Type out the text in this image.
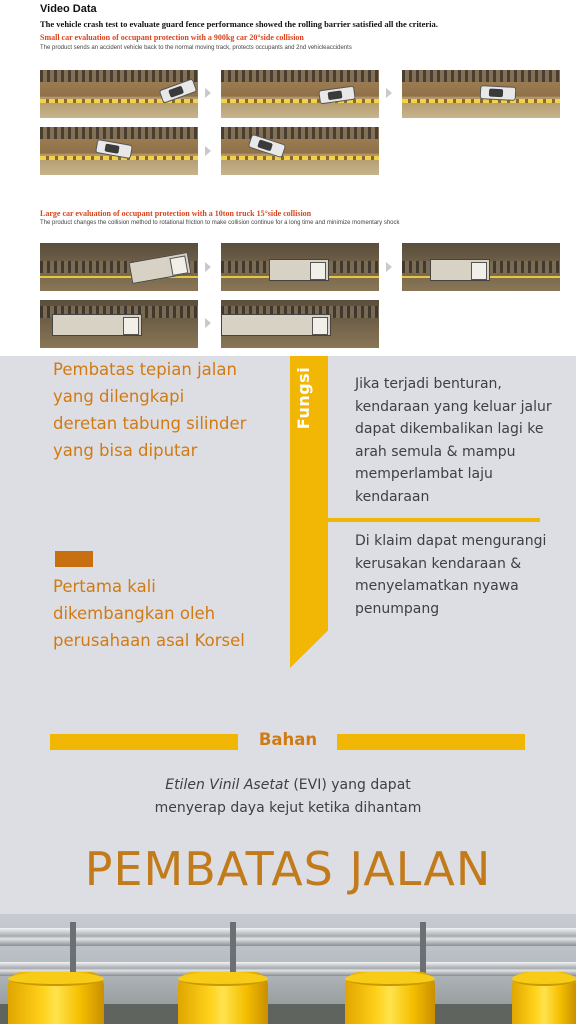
Video Data
The vehicle crash test to evaluate guard fence performance showed the rolling barrier satisfied all the criteria.
Small car evaluation of occupant protection with a 900kg car 20°side collision
The product sends an accident vehicle back to the normal moving track, protects occupants and 2nd vehicleaccidents
Large car evaluation of occupant protection with a 10ton truck 15°side collision
The product changes the collision method to rotational friction to make collision continue for a long time and minimize momentary shock
Pembatas tepian jalan yang dilengkapi deretan tabung silinder yang bisa diputar
Pertama kali dikembangkan oleh perusahaan asal Korsel
Fungsi	Jika terjadi benturan, kendaraan yang keluar jalur dapat dikembalikan lagi ke arah semula & mampu memperlambat laju kendaraan
Di klaim dapat mengurangi kerusakan kendaraan & menyelamatkan nyawa penumpang
Bahan
Etilen Vinil Asetat (EVI) yang dapat
menyerap daya kejut ketika dihantam
PEMBATAS JALAN
